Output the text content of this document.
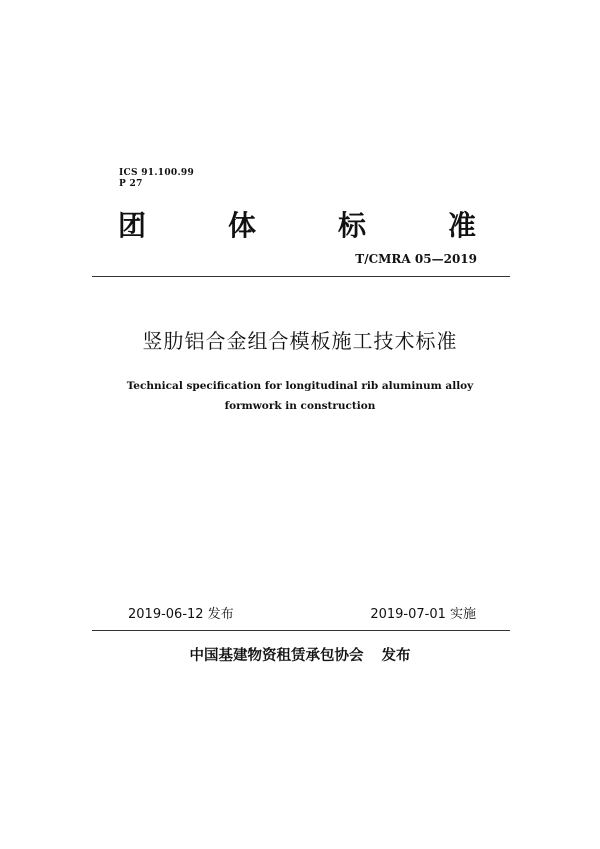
ICS 91.100.99
P 27
团	体	标	准
T/CMRA 05—2019
竖肋铝合金组合模板施工技术标准
Technical specification for longitudinal rib aluminum alloy
formwork in construction
2019-06-12 发布	2019-07-01 实施
中国基建物资租赁承包协会 发布
